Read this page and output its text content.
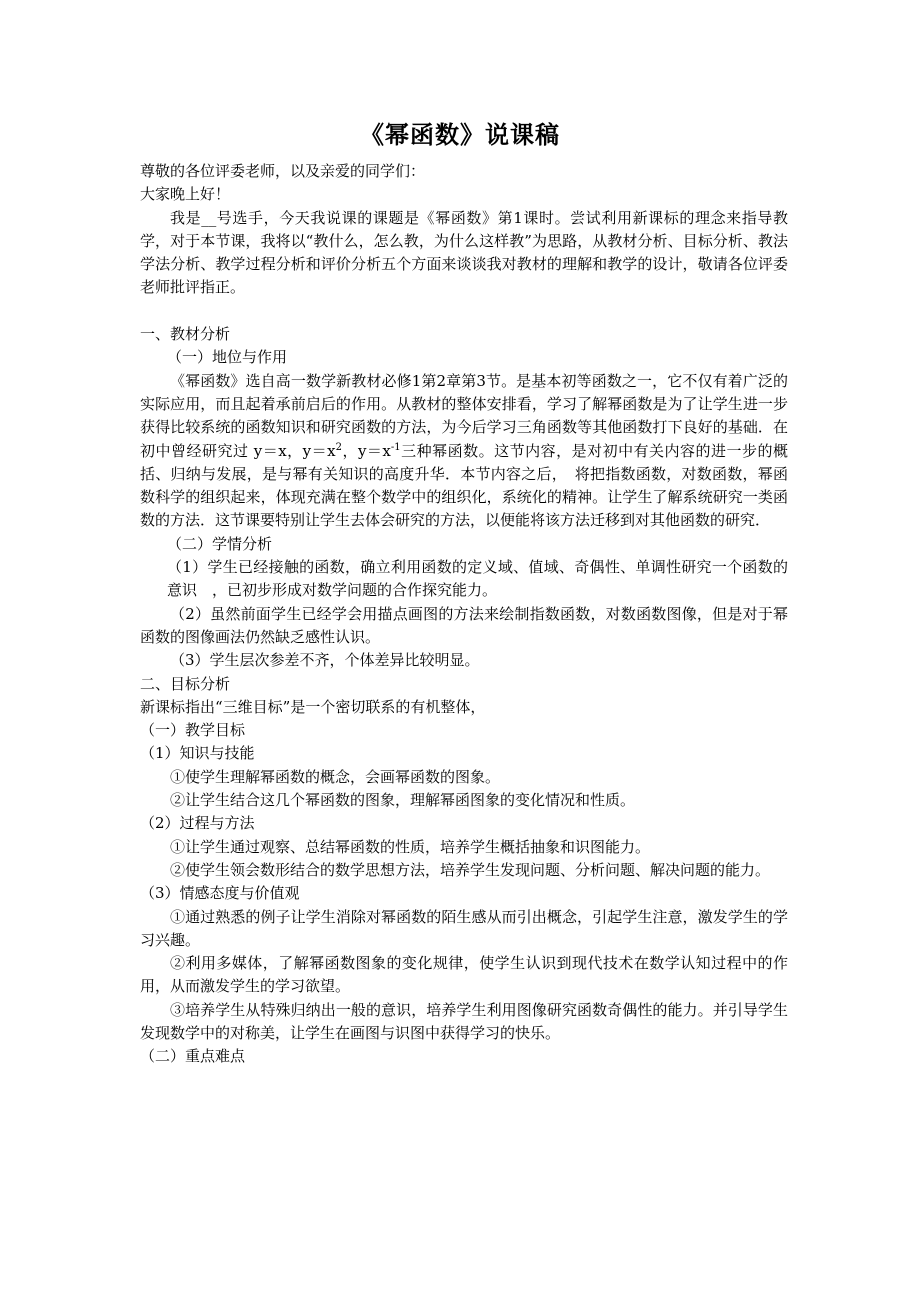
《幂函数》说课稿

尊敬的各位评委老师，以及亲爱的同学们：

大家晚上好！

我是__号选手，今天我说课的课题是《幂函数》第1课时。尝试利用新课标的理念来指导教学，对于本节课，我将以“教什么，怎么教，为什么这样教”为思路，从教材分析、目标分析、教法学法分析、教学过程分析和评价分析五个方面来谈谈我对教材的理解和教学的设计，敬请各位评委老师批评指正。

一、教材分析

（一）地位与作用

《幂函数》选自高一数学新教材必修1第2章第3节。是基本初等函数之一，它不仅有着广泛的实际应用，而且起着承前启后的作用。从教材的整体安排看，学习了解幂函数是为了让学生进一步获得比较系统的函数知识和研究函数的方法，为今后学习三角函数等其他函数打下良好的基础．在初中曾经研究过 y＝x，$y=x^2$，$y=x^{-1}$三种幂函数。这节内容，是对初中有关内容的进一步的概括、归纳与发展，是与幂有关知识的高度升华．本节内容之后，　将把指数函数，对数函数，幂函数科学的组织起来，体现充满在整个数学中的组织化，系统化的精神。让学生了解系统研究一类函数的方法．这节课要特别让学生去体会研究的方法，以便能将该方法迁移到对其他函数的研究．

（二）学情分析

（1）学生已经接触的函数，确立利用函数的定义域、值域、奇偶性、单调性研究一个函数的意识　，已初步形成对数学问题的合作探究能力。

（2）虽然前面学生已经学会用描点画图的方法来绘制指数函数，对数函数图像，但是对于幂函数的图像画法仍然缺乏感性认识。

（3）学生层次参差不齐，个体差异比较明显。

二、目标分析

新课标指出“三维目标”是一个密切联系的有机整体，

（一）教学目标

（1）知识与技能

①使学生理解幂函数的概念，会画幂函数的图象。

②让学生结合这几个幂函数的图象，理解幂函图象的变化情况和性质。

（2）过程与方法

①让学生通过观察、总结幂函数的性质，培养学生概括抽象和识图能力。

②使学生领会数形结合的数学思想方法，培养学生发现问题、分析问题、解决问题的能力。

（3）情感态度与价值观

①通过熟悉的例子让学生消除对幂函数的陌生感从而引出概念，引起学生注意，激发学生的学习兴趣。

②利用多媒体，了解幂函数图象的变化规律，使学生认识到现代技术在数学认知过程中的作用，从而激发学生的学习欲望。

③培养学生从特殊归纳出一般的意识，培养学生利用图像研究函数奇偶性的能力。并引导学生发现数学中的对称美，让学生在画图与识图中获得学习的快乐。

（二）重点难点
